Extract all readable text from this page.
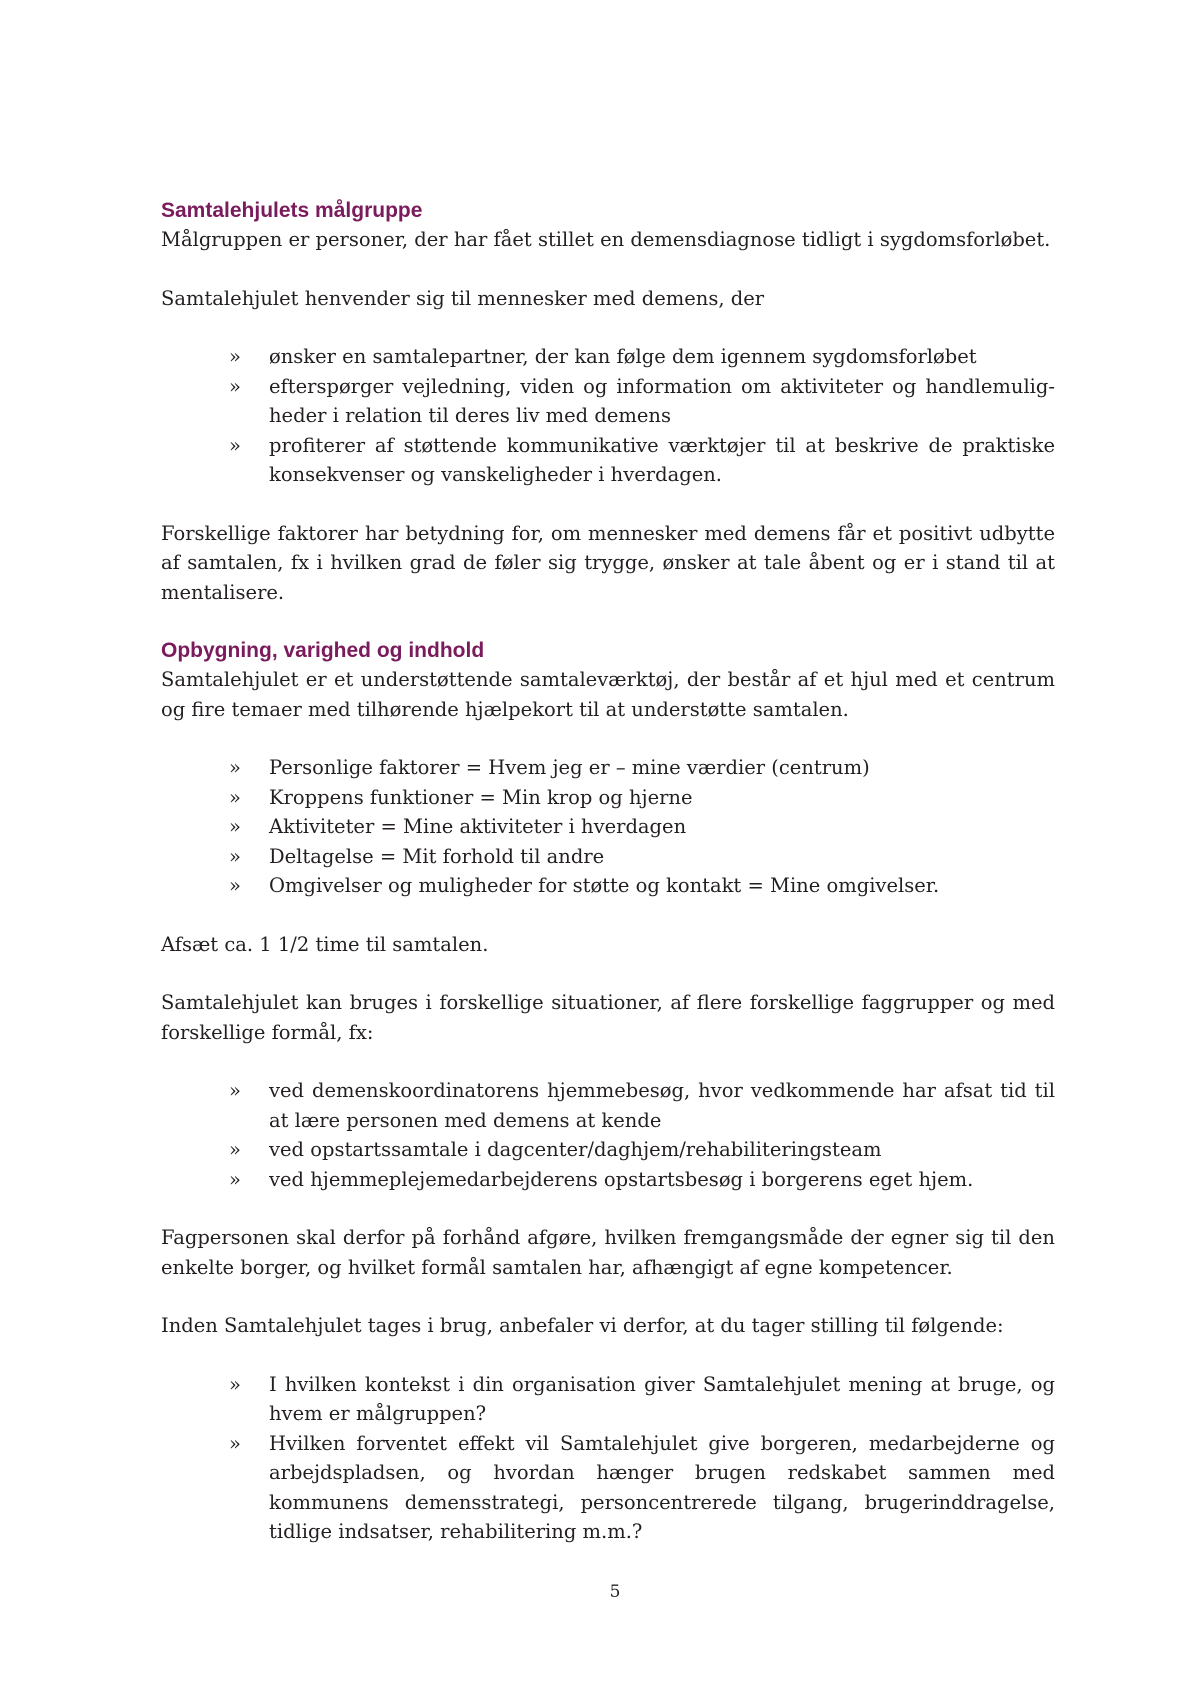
Samtalehjulets målgruppe

Målgruppen er personer, der har fået stillet en demensdiagnose tidligt i sygdomsforløbet.

Samtalehjulet henvender sig til mennesker med demens, der

» ønsker en samtalepartner, der kan følge dem igennem sygdomsforløbet
» efterspørger vejledning, viden og information om aktiviteter og handlemuligheder i relation til deres liv med demens
» profiterer af støttende kommunikative værktøjer til at beskrive de praktiske konsekvenser og vanskeligheder i hverdagen.

Forskellige faktorer har betydning for, om mennesker med demens får et positivt udbytte af samtalen, fx i hvilken grad de føler sig trygge, ønsker at tale åbent og er i stand til at mentalisere.

Opbygning, varighed og indhold

Samtalehjulet er et understøttende samtaleværktøj, der består af et hjul med et centrum og fire temaer med tilhørende hjælpekort til at understøtte samtalen.

» Personlige faktorer = Hvem jeg er – mine værdier (centrum)
» Kroppens funktioner = Min krop og hjerne
» Aktiviteter = Mine aktiviteter i hverdagen
» Deltagelse = Mit forhold til andre
» Omgivelser og muligheder for støtte og kontakt = Mine omgivelser.

Afsæt ca. 1 1/2 time til samtalen.

Samtalehjulet kan bruges i forskellige situationer, af flere forskellige faggrupper og med forskellige formål, fx:

» ved demenskoordinatorens hjemmebesøg, hvor vedkommende har afsat tid til at lære personen med demens at kende
» ved opstartssamtale i dagcenter/daghjem/rehabiliteringsteam
» ved hjemmeplejemedarbejderens opstartsbesøg i borgerens eget hjem.

Fagpersonen skal derfor på forhånd afgøre, hvilken fremgangsmåde der egner sig til den enkelte borger, og hvilket formål samtalen har, afhængigt af egne kompetencer.

Inden Samtalehjulet tages i brug, anbefaler vi derfor, at du tager stilling til følgende:

» I hvilken kontekst i din organisation giver Samtalehjulet mening at bruge, og hvem er målgruppen?
» Hvilken forventet effekt vil Samtalehjulet give borgeren, medarbejderne og arbejdspladsen, og hvordan hænger brugen redskabet sammen med kommunens demensstrategi, personcentrerede tilgang, brugerinddragelse, tidlige indsatser, rehabilitering m.m.?
5
